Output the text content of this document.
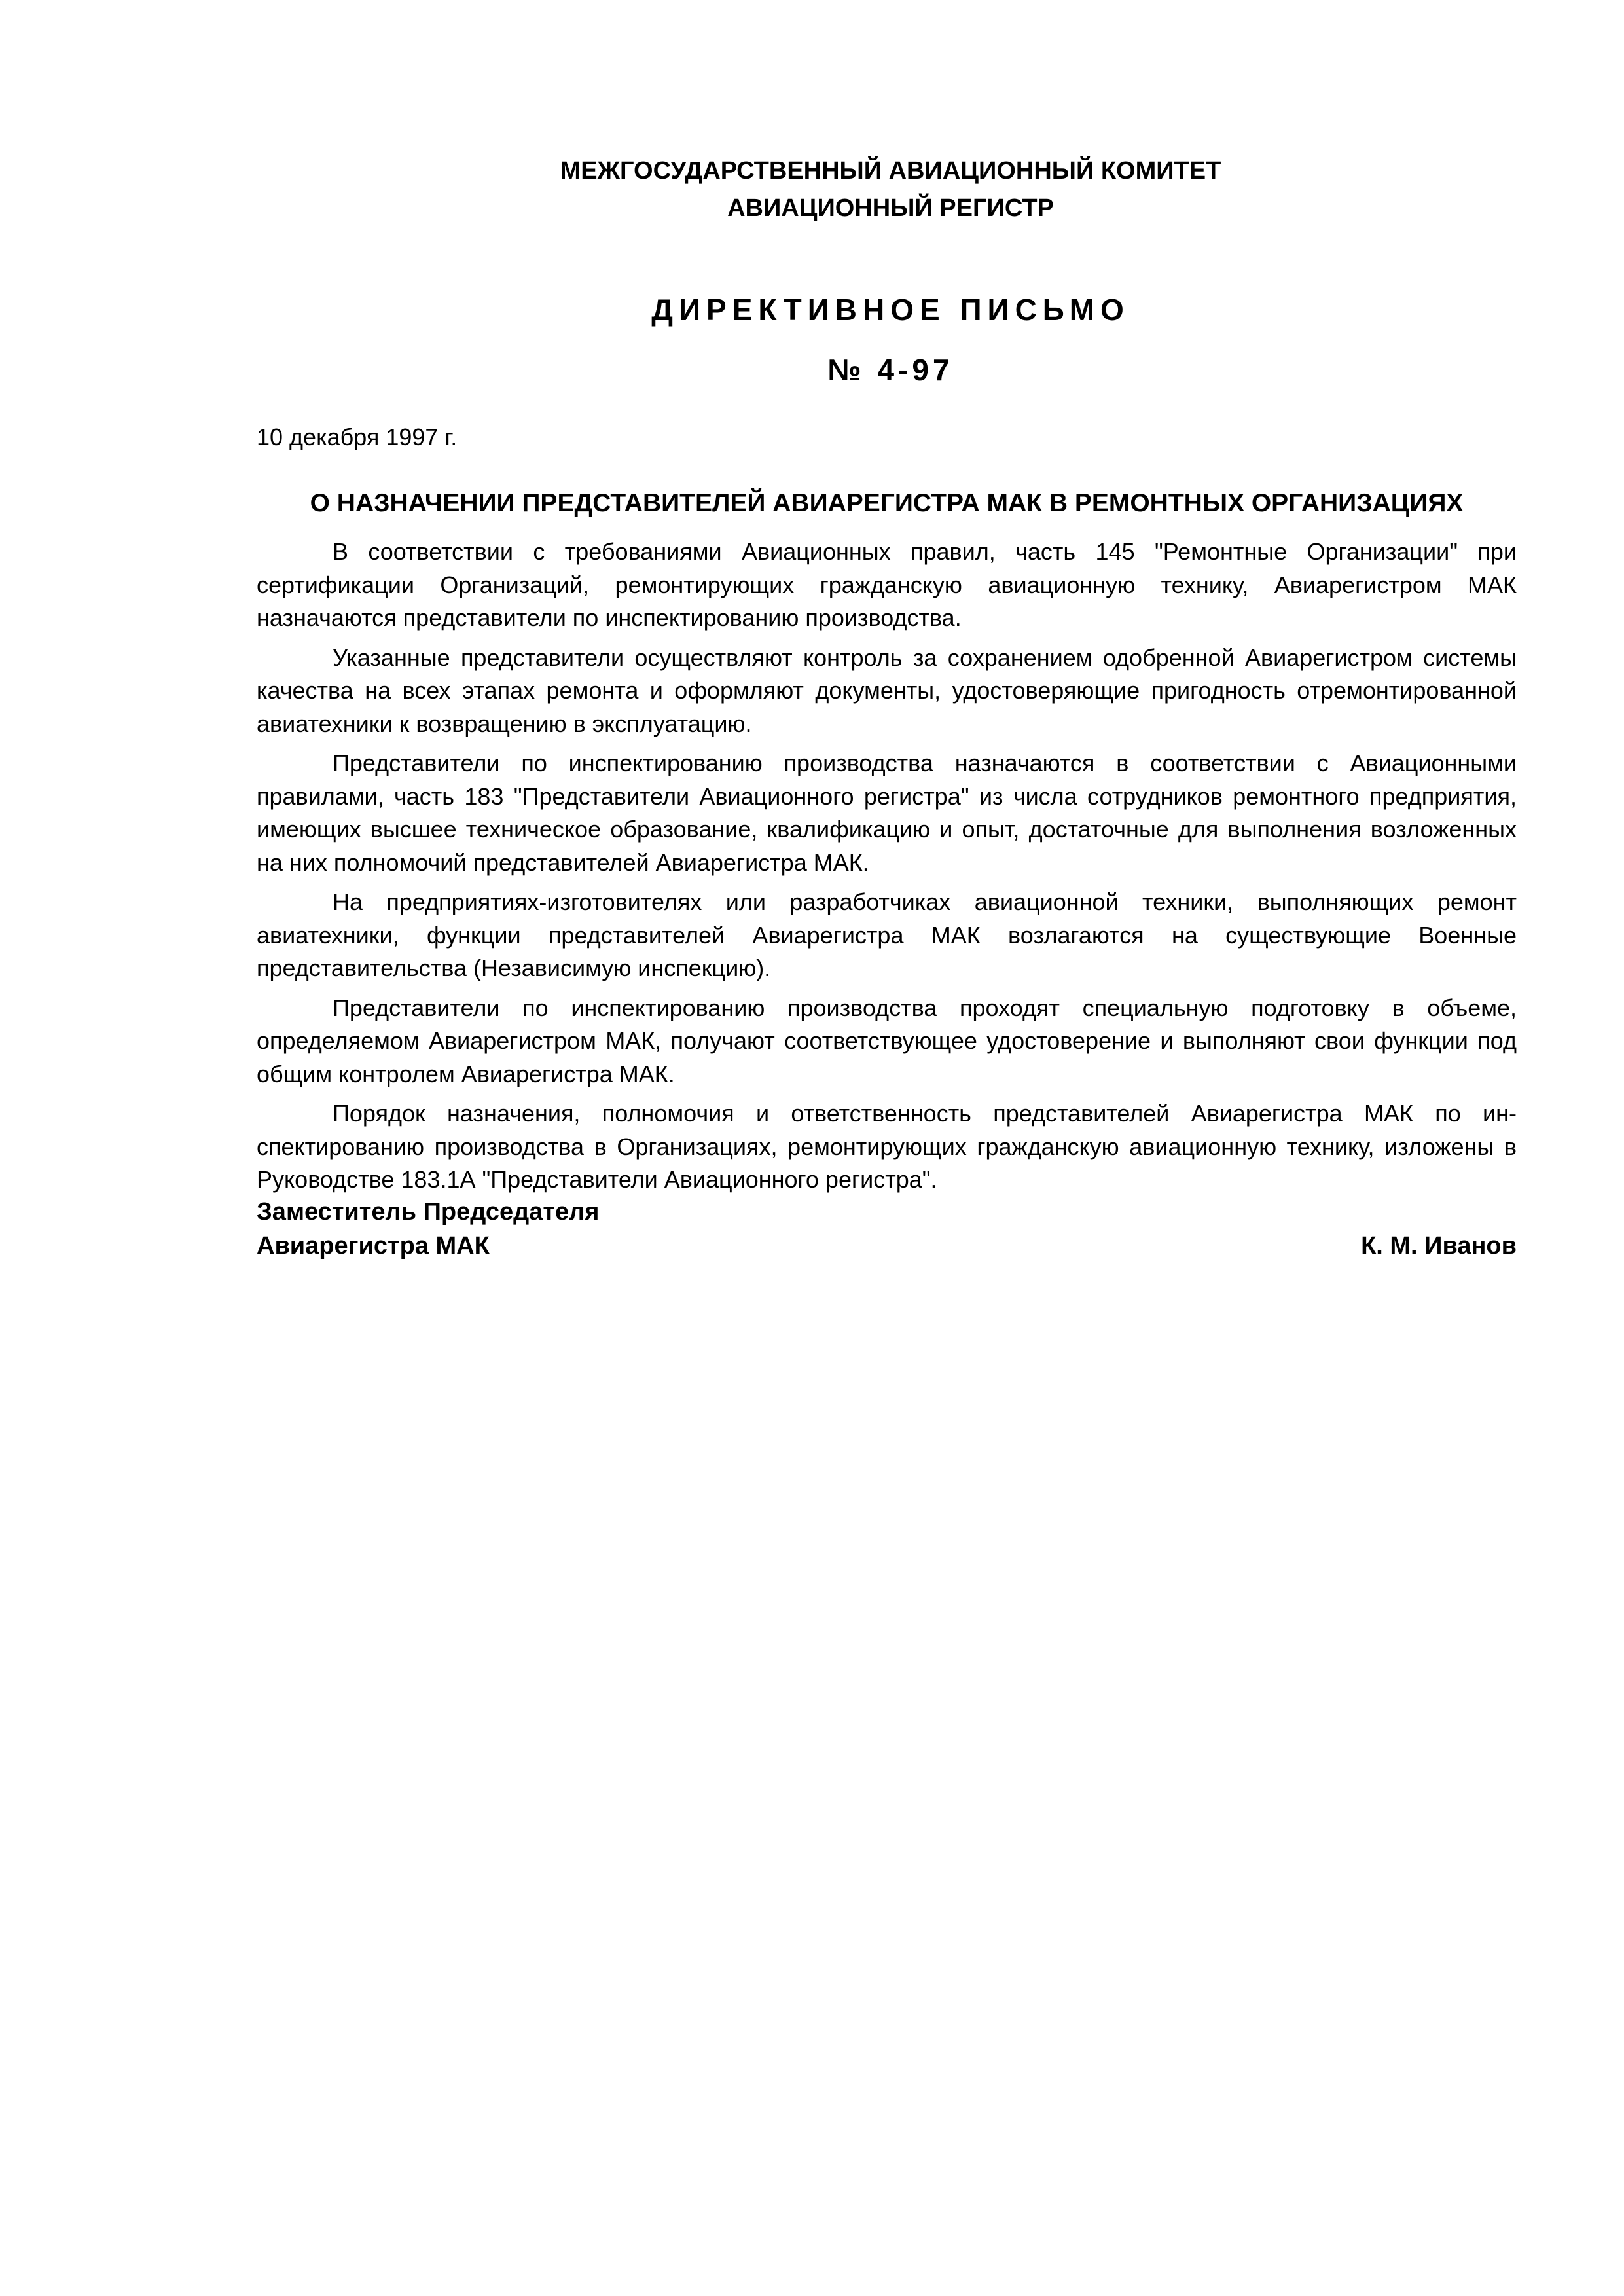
МЕЖГОСУДАРСТВЕННЫЙ АВИАЦИОННЫЙ КОМИТЕТ
АВИАЦИОННЫЙ РЕГИСТР
ДИРЕКТИВНОЕ ПИСЬМО
№ 4-97
10 декабря 1997 г.
О НАЗНАЧЕНИИ ПРЕДСТАВИТЕЛЕЙ АВИАРЕГИСТРА МАК В РЕМОНТНЫХ ОРГАНИЗАЦИЯХ

В соответствии с требованиями Авиационных правил, часть 145 "Ремонтные Организации" при сертификации Организаций, ремонтирующих гражданскую авиационную технику, Авиарегистром МАК назначаются представители по инспектированию производства.

Указанные представители осуществляют контроль за сохранением одобренной Авиарегистром системы качества на всех этапах ремонта и оформляют документы, удостоверяющие пригодность отремонтированной авиатехники к возвращению в эксплуатацию.

Представители по инспектированию производства назначаются в соответствии с Авиационными правилами, часть 183 "Представители Авиационного регистра" из числа сотрудников ремонтного предприятия, имеющих высшее техническое образование, квалификацию и опыт, достаточные для выполнения возложенных на них полномочий представителей Авиарегистра МАК.

На предприятиях-изготовителях или разработчиках авиационной техники, выполняющих ремонт авиатехники, функции представителей Авиарегистра МАК возлагаются на существующие Военные представительства (Независимую инспекцию).

Представители по инспектированию производства проходят специальную подготовку в объеме, определяемом Авиарегистром МАК, получают соответствующее удостоверение и выполняют свои функции под общим контролем Авиарегистра МАК.

Порядок назначения, полномочия и ответственность представителей Авиарегистра МАК по инспектированию производства в Организациях, ремонтирующих гражданскую авиационную технику, изложены в Руководстве 183.1А "Представители Авиационного регистра".

Заместитель Председателя
Авиарегистра МАК	К. М. Иванов
